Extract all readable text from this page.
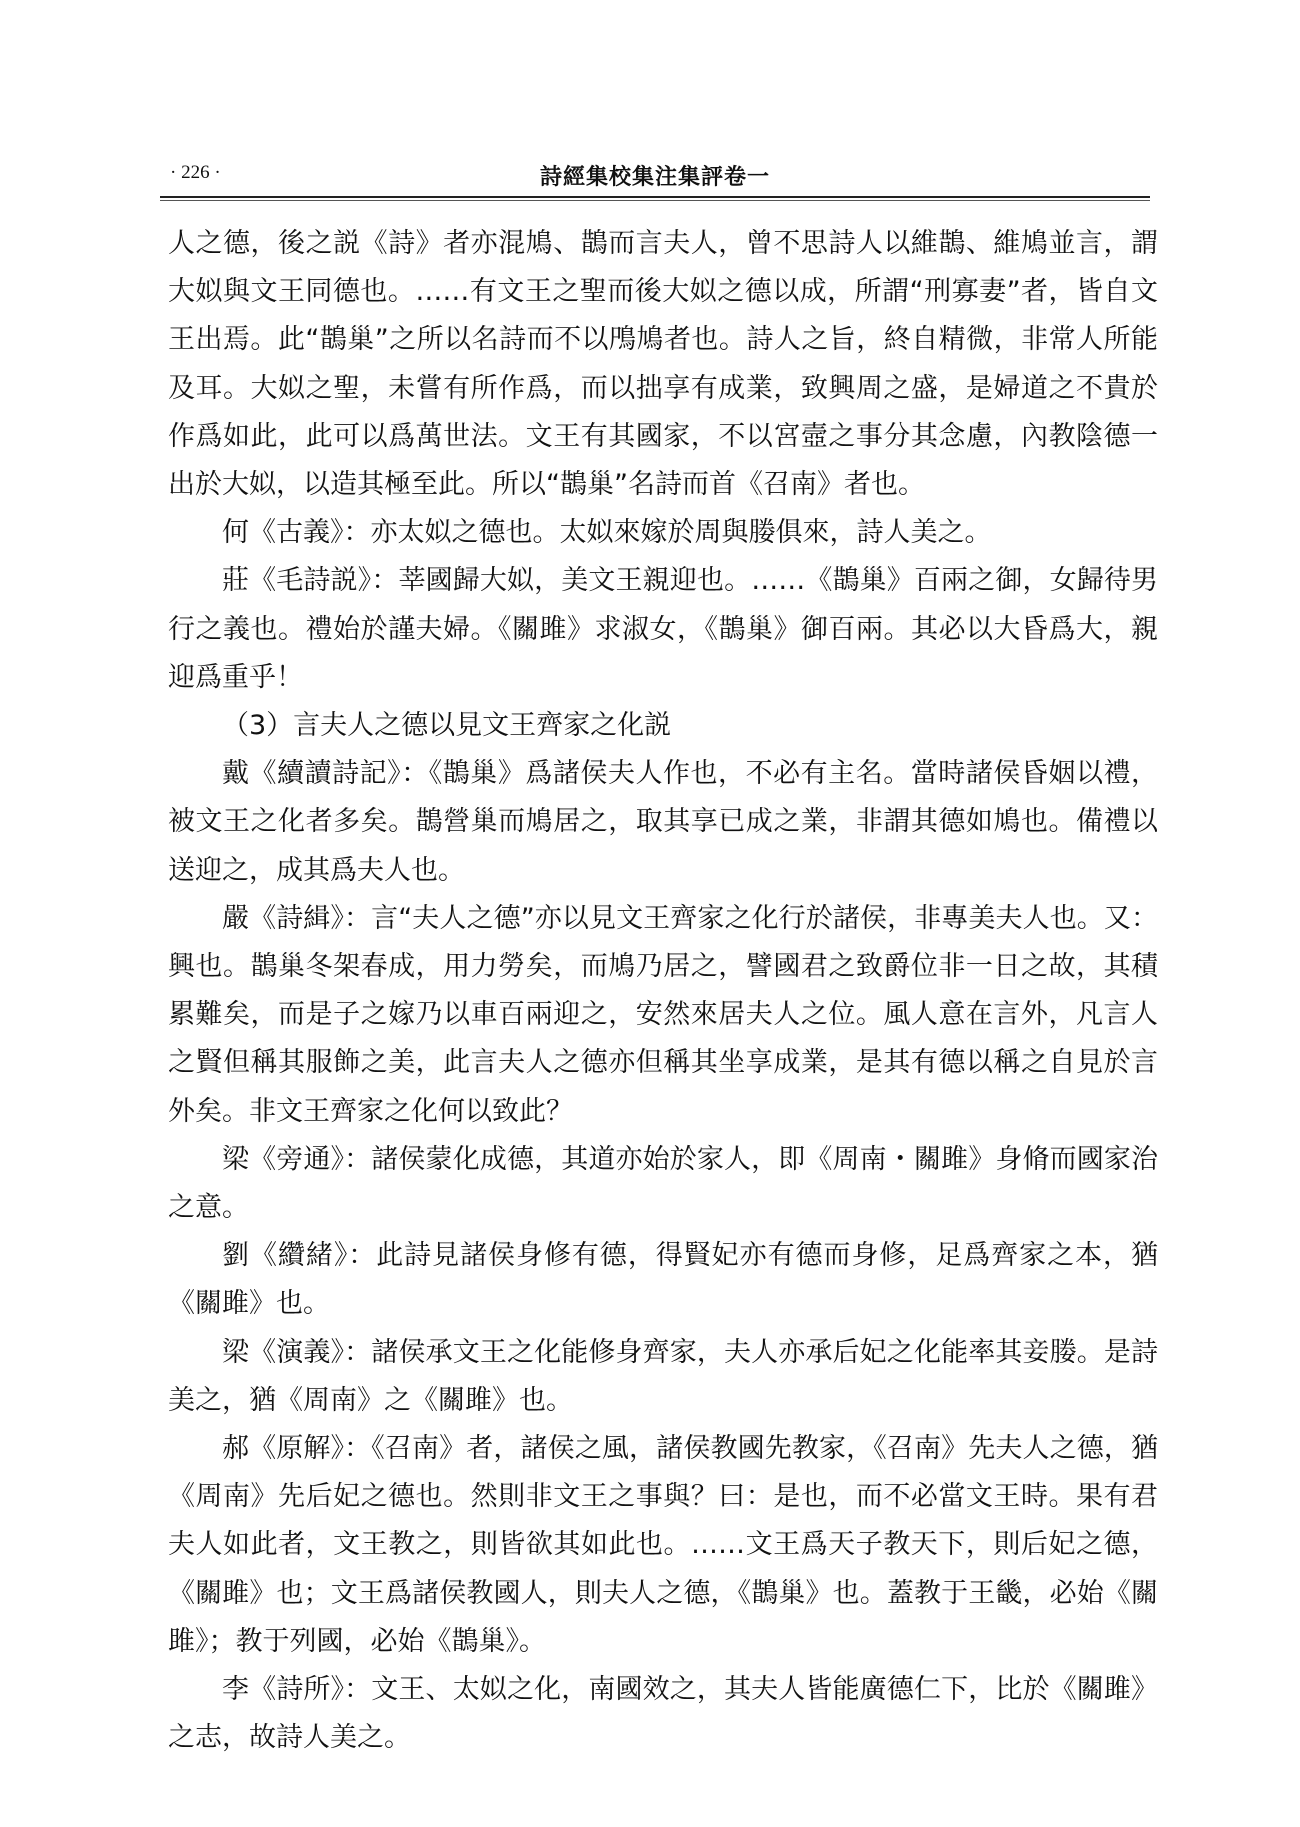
· 226 ·	詩經集校集注集評卷一

人之德，後之説《詩》者亦混鳩、鵲而言夫人，曾不思詩人以維鵲、維鳩並言，謂大姒與文王同德也。……有文王之聖而後大姒之德以成，所謂“刑寡妻”者，皆自文王出焉。此“鵲巢”之所以名詩而不以鳲鳩者也。詩人之旨，終自精微，非常人所能及耳。大姒之聖，未嘗有所作爲，而以拙享有成業，致興周之盛，是婦道之不貴於作爲如此，此可以爲萬世法。文王有其國家，不以宮壼之事分其念慮，內教陰德一出於大姒，以造其極至此。所以“鵲巢”名詩而首《召南》者也。

何《古義》：亦太姒之德也。太姒來嫁於周與媵俱來，詩人美之。

莊《毛詩説》：莘國歸大姒，美文王親迎也。……《鵲巢》百兩之御，女歸待男行之義也。禮始於謹夫婦。《關雎》求淑女，《鵲巢》御百兩。其必以大昏爲大，親迎爲重乎！

（3）言夫人之德以見文王齊家之化説

戴《續讀詩記》：《鵲巢》爲諸侯夫人作也，不必有主名。當時諸侯昏姻以禮，被文王之化者多矣。鵲營巢而鳩居之，取其享已成之業，非謂其德如鳩也。備禮以送迎之，成其爲夫人也。

嚴《詩緝》：言“夫人之德”亦以見文王齊家之化行於諸侯，非專美夫人也。又：興也。鵲巢冬架春成，用力勞矣，而鳩乃居之，譬國君之致爵位非一日之故，其積累難矣，而是子之嫁乃以車百兩迎之，安然來居夫人之位。風人意在言外，凡言人之賢但稱其服飾之美，此言夫人之德亦但稱其坐享成業，是其有德以稱之自見於言外矣。非文王齊家之化何以致此？

梁《旁通》：諸侯蒙化成德，其道亦始於家人，即《周南・關雎》身脩而國家治之意。

劉《纘緒》：此詩見諸侯身修有德，得賢妃亦有德而身修，足爲齊家之本，猶《關雎》也。

梁《演義》：諸侯承文王之化能修身齊家，夫人亦承后妃之化能率其妾媵。是詩美之，猶《周南》之《關雎》也。

郝《原解》：《召南》者，諸侯之風，諸侯教國先教家，《召南》先夫人之德，猶《周南》先后妃之德也。然則非文王之事與？曰：是也，而不必當文王時。果有君夫人如此者，文王教之，則皆欲其如此也。……文王爲天子教天下，則后妃之德，《關雎》也；文王爲諸侯教國人，則夫人之德，《鵲巢》也。蓋教于王畿，必始《關雎》；教于列國，必始《鵲巢》。

李《詩所》：文王、太姒之化，南國效之，其夫人皆能廣德仁下，比於《關雎》之志，故詩人美之。
